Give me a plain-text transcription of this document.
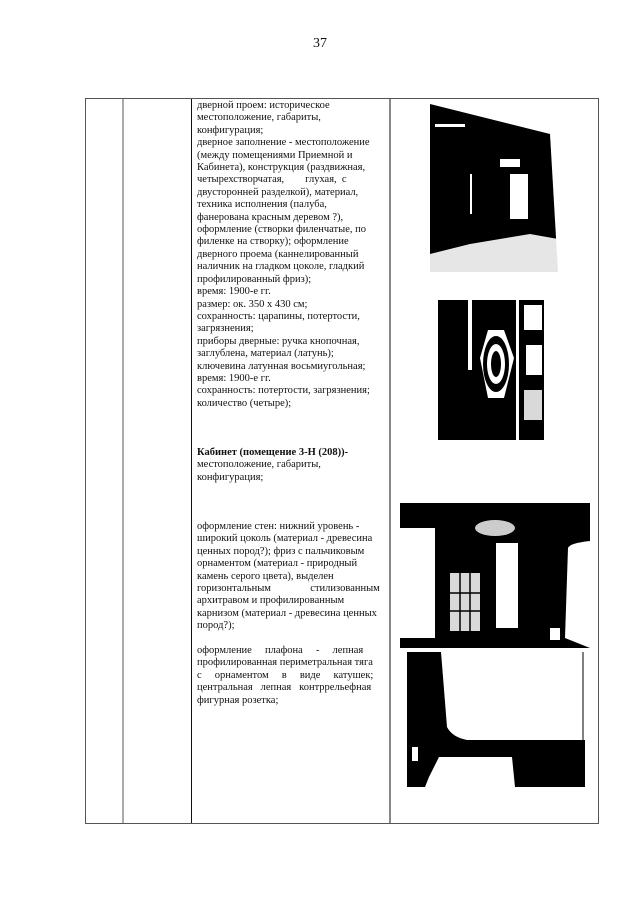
37

дверной проем: историческое

местоположение, габариты,

конфигурация;

дверное заполнение - местоположение

(между помещениями Приемной и

Кабинета), конструкция (раздвижная,

четырехстворчатая,        глухая,  с

двусторонней разделкой), материал,

техника исполнения (палуба,

фанерована красным деревом ?),

оформление (створки филенчатые, по

филенке на створку); оформление

дверного проема (каннелированный

наличник на гладком цоколе, гладкий

профилированный фриз);

время: 1900-е гг.

размер: ок. 350 х 430 см;

сохранность: царапины, потертости,

загрязнения;

приборы дверные: ручка кнопочная,

заглублена, материал (латунь);

ключевина латунная восьмиугольная;

время: 1900-е гг.

сохранность: потертости, загрязнения;

количество (четыре);

Кабинет (помещение 3-Н (208))-

местоположение, габариты,

конфигурация;

оформление стен: нижний уровень -

широкий цоколь (материал - древесина

ценных пород?); фриз с пальчиковым

орнаментом (материал - природный

камень серого цвета), выделен

горизонтальным               стилизованным

архитравом и профилированным

карнизом (материал - древесина ценных

пород?);

оформление     плафона     -     лепная

профилированная периметральная тяга

с     орнаментом     в     виде     катушек;

центральная   лепная   контррельефная

фигурная розетка;
